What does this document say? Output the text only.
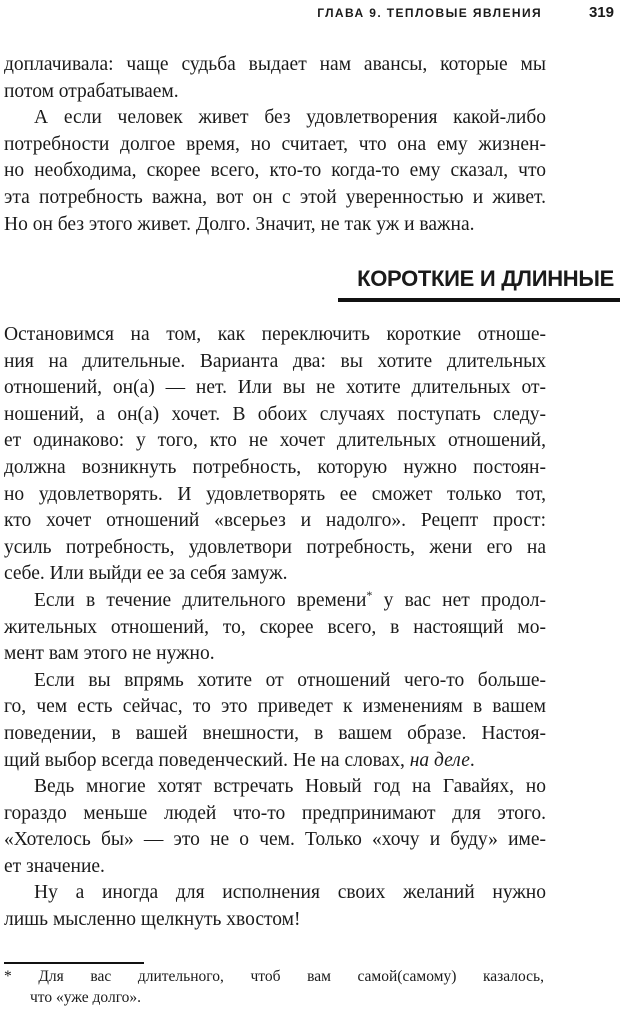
ГЛАВА 9. ТЕПЛОВЫЕ ЯВЛЕНИЯ	319
доплачивала: чаще судьба выдает нам авансы, которые мы
потом отрабатываем.
А если человек живет без удовлетворения какой-либо
потребности долгое время, но считает, что она ему жизнен-
но необходима, скорее всего, кто-то когда-то ему сказал, что
эта потребность важна, вот он с этой уверенностью и живет.
Но он без этого живет. Долго. Значит, не так уж и важна.
КОРОТКИЕ И ДЛИННЫЕ
Остановимся на том, как переключить короткие отноше-
ния на длительные. Варианта два: вы хотите длительных
отношений, он(а) — нет. Или вы не хотите длительных от-
ношений, а он(а) хочет. В обоих случаях поступать следу-
ет одинаково: у того, кто не хочет длительных отношений,
должна возникнуть потребность, которую нужно постоян-
но удовлетворять. И удовлетворять ее сможет только тот,
кто хочет отношений «всерьез и надолго». Рецепт прост:
усиль потребность, удовлетвори потребность, жени его на
себе. Или выйди ее за себя замуж.
Если в течение длительного времени* у вас нет продол-
жительных отношений, то, скорее всего, в настоящий мо-
мент вам этого не нужно.
Если вы впрямь хотите от отношений чего-то больше-
го, чем есть сейчас, то это приведет к изменениям в вашем
поведении, в вашей внешности, в вашем образе. Настоя-
щий выбор всегда поведенческий. Не на словах, на деле.
Ведь многие хотят встречать Новый год на Гавайях, но
гораздо меньше людей что-то предпринимают для этого.
«Хотелось бы» — это не о чем. Только «хочу и буду» име-
ет значение.
Ну а иногда для исполнения своих желаний нужно
лишь мысленно щелкнуть хвостом!
* Для вас длительного, чтоб вам самой(самому) казалось,
что «уже долго».
